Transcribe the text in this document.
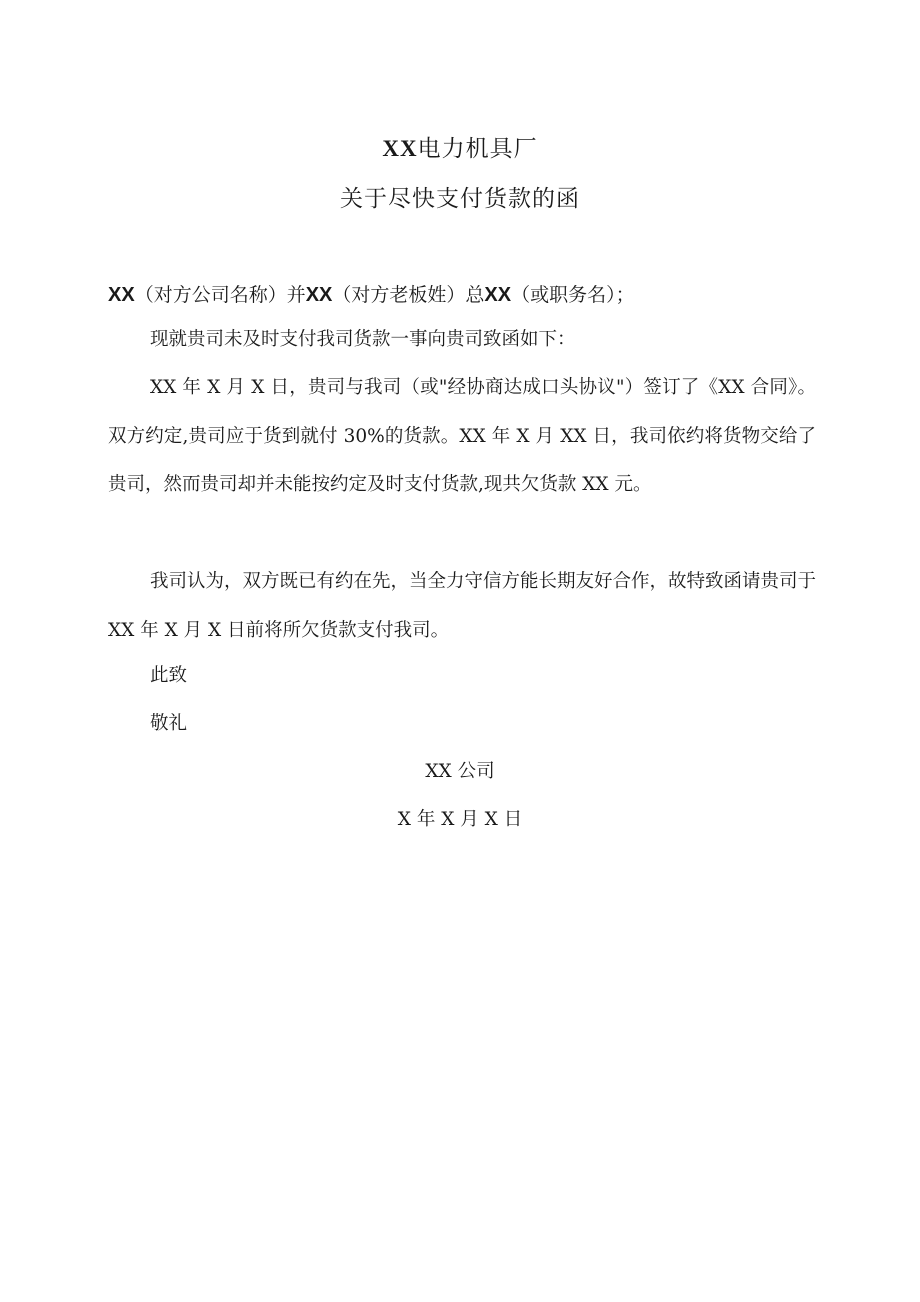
XX电力机具厂
关于尽快支付货款的函
XX（对方公司名称）并XX（对方老板姓）总XX（或职务名）；

现就贵司未及时支付我司货款一事向贵司致函如下：

XX 年 X 月 X 日，贵司与我司（或"经协商达成口头协议"）签订了《XX 合同》。双方约定,贵司应于货到就付 30%的货款。XX 年 X 月 XX 日，我司依约将货物交给了贵司，然而贵司却并未能按约定及时支付货款,现共欠货款 XX 元。

我司认为，双方既已有约在先，当全力守信方能长期友好合作，故特致函请贵司于 XX 年 X 月 X 日前将所欠货款支付我司。

此致
敬礼
XX 公司
X 年 X 月 X 日
